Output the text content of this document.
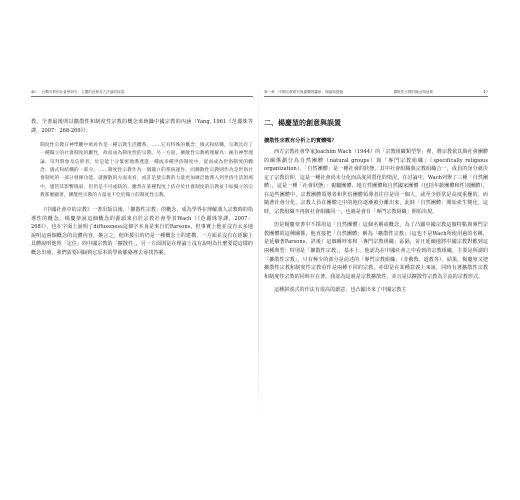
46 台灣宗教的社會學研究：主題的延伸及方法論的探索

教。全書最後則以擴散性和制度性宗教的概念來統攝中國宗教的內涵（Yang, 1961《范麗珠等譯，2007：268-269》）：

制度性宗教在神學觀中被看作是一種宗教生活體系，……它有特殊的概念、儀式和結構，宗教具有了一種獨立的社會制度的屬性，故而成為制度性的宗教。另一方面，擴散性宗教被理解為：擁有神學理論、崇拜對象及信仰者，於是能十分緊密地滲透進一種或多種世俗制度中，從而成為世俗制度的觀念、儀式和結構的一部分。……制度性宗教作為一個獨立的系統運作，而擴散性宗教則作為是世俗社會制度的一部分發揮功能。就擴散的方面來看，或許是使宗教的力量更加廣泛地滲入到世俗生活領域中，儘管其影響微弱，但仍是不可或缺的。雖然在某種程度上依存於社會制度的宗教並不如獨立的宗教那麼顯著，擴散性宗教的力量並不亞於獨立的制度性宗教。

《中國社會中的宗教》一書出版以後，「擴散性宗教」的概念，成為學界在理解漢人宗教時的指導性的概念。楊慶堃說這個概念的源頭來自於宗教社會學者Wach（《范麗珠等譯，2007：268》），也在字面上說明了diffuseness這個字本身是來自於Parsons，但事實上他並沒有太多地說明這兩個概念的具體內容，換言之，他所援引的仍是一種概念上的建構，一方面並沒有在經驗上具體說明他所「定位」的中國宗教的「擴散性」，另一方面則是在理論上沒有說明為什麼要從這樣的概念出發，我們需要回歸到它原本的學術脈絡裡去尋找答案。

第一章　中國宗教研究與臺灣的繼承：理論與經驗	擴散性宗教的概念與延伸	47
二、楊慶堃的創意與誤置
擴散性宗教有分析上的實體嗎？

西方宗教社會學家Joachim Wach（1944）的「宗教組織類型學」裡，將宗教依其與社會團體的關係劃分為自然團體（natural groups）與「專門宗教組織」（specifically religious organization）。「自然團體」是一種社會的狀態，其中社會組織與宗教組織合一，成員的身分就決定了宗教信仰，這是一種社會尚未分化而高度同質化的情況。在討論中，Wach列舉了三種「自然團體」，這是一種「社會狀態」：親屬團體、地方性團體和自然國家團體（包括年齡團體和性別團體），在這些團體中，宗教團體領導者和世俗團體領導者往往是同一個人，或至少經常是高度重疊的。而隨著社會分化，宗教人員在團體之中的地位逐漸被分離出來，此時「自然團體」開始產生變化，這時，宗教組織不再與社會組織同一，也就是會有「專門宗教組織」開始出現。

但是楊慶堃書中不採用這「自然團體」這個名稱或概念，為了凸顯中國宗教這個特點與專門宗教團體的這種關係，他直接把「自然團體」稱為「擴散性宗教」（這也不是Wach所使用過的名稱，是延續著Parsons，詳後）這個稱呼來和「專門宗教組織」區隔，並且延續地將中國宗教對應到這兩種典型：特別是「擴散性宗教」，基本上，他認為在中國社會之中看到的宗教組織，主要是所謂的「擴散性宗教」，只有極少的部分是前述的「專門宗教組織」（非佛教、道教等）。結果，楊慶堃又把擴散性宗教和制度性宗教看作是兩種不同的宗教，亦即是在某種意義上來說，同時有著擴散性宗教和制度性宗教的同時存在著，我認為這就是宗教擴散性，並且是以擴散性宗教為主流的宗教形式。

這種拼湊式的作法有很高的創意，也凸顯出來了中國宗教主
